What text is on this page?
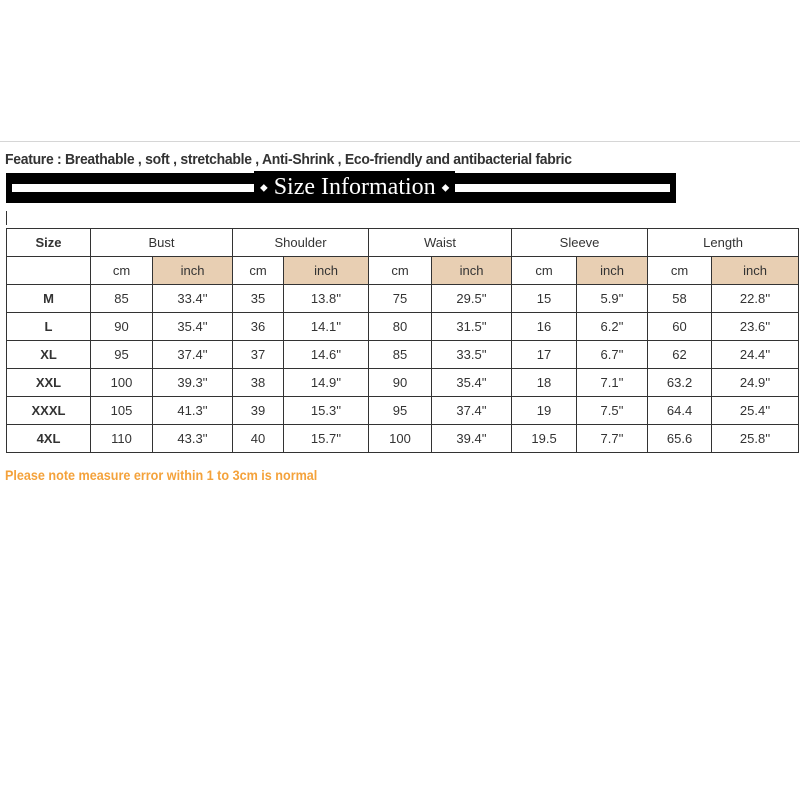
Feature : Breathable , soft , stretchable , Anti-Shrink , Eco-friendly and antibacterial fabric
◆ Size Information ◆
Size	Bust		Shoulder		Waist		Sleeve		Length	
	cm	inch	cm	inch	cm	inch	cm	inch	cm	inch
M	85	33.4''	35	13.8''	75	29.5''	15	5.9''	58	22.8''
L	90	35.4''	36	14.1''	80	31.5''	16	6.2''	60	23.6''
XL	95	37.4''	37	14.6''	85	33.5''	17	6.7''	62	24.4''
XXL	100	39.3''	38	14.9''	90	35.4''	18	7.1''	63.2	24.9''
XXXL	105	41.3''	39	15.3''	95	37.4''	19	7.5''	64.4	25.4''
4XL	110	43.3''	40	15.7''	100	39.4''	19.5	7.7''	65.6	25.8''
Please note measure error within 1 to 3cm is normal
